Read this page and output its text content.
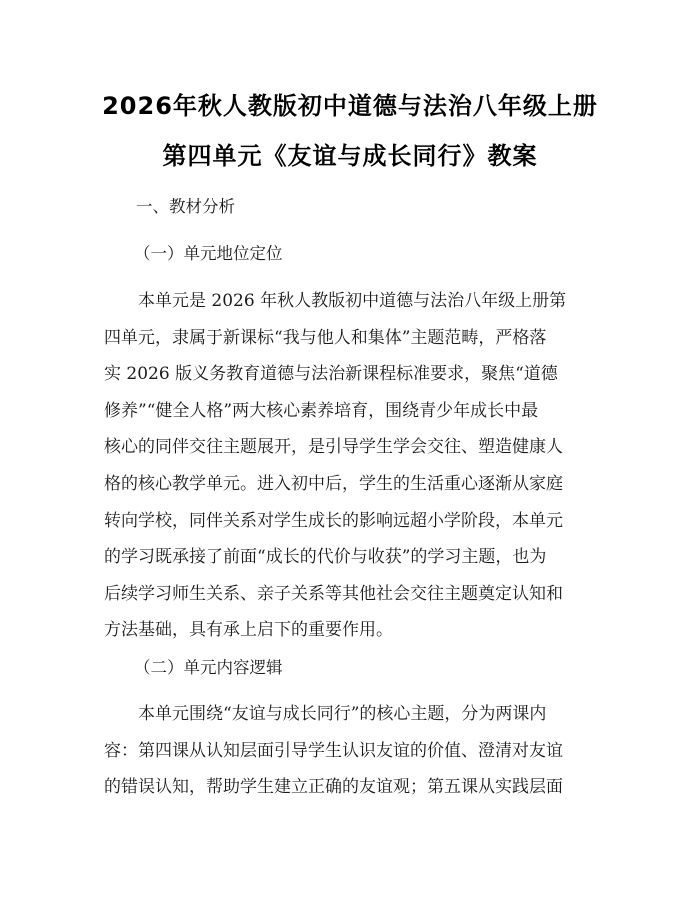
2026年秋人教版初中道德与法治八年级上册
第四单元《友谊与成长同行》教案
一、教材分析
（一）单元地位定位
本单元是 2026 年秋人教版初中道德与法治八年级上册第
四单元，隶属于新课标“我与他人和集体”主题范畴，严格落
实 2026 版义务教育道德与法治新课程标准要求，聚焦“道德
修养”“健全人格”两大核心素养培育，围绕青少年成长中最
核心的同伴交往主题展开，是引导学生学会交往、塑造健康人
格的核心教学单元。进入初中后，学生的生活重心逐渐从家庭
转向学校，同伴关系对学生成长的影响远超小学阶段，本单元
的学习既承接了前面“成长的代价与收获”的学习主题，也为
后续学习师生关系、亲子关系等其他社会交往主题奠定认知和
方法基础，具有承上启下的重要作用。
（二）单元内容逻辑
本单元围绕“友谊与成长同行”的核心主题，分为两课内
容：第四课从认知层面引导学生认识友谊的价值、澄清对友谊
的错误认知，帮助学生建立正确的友谊观；第五课从实践层面
